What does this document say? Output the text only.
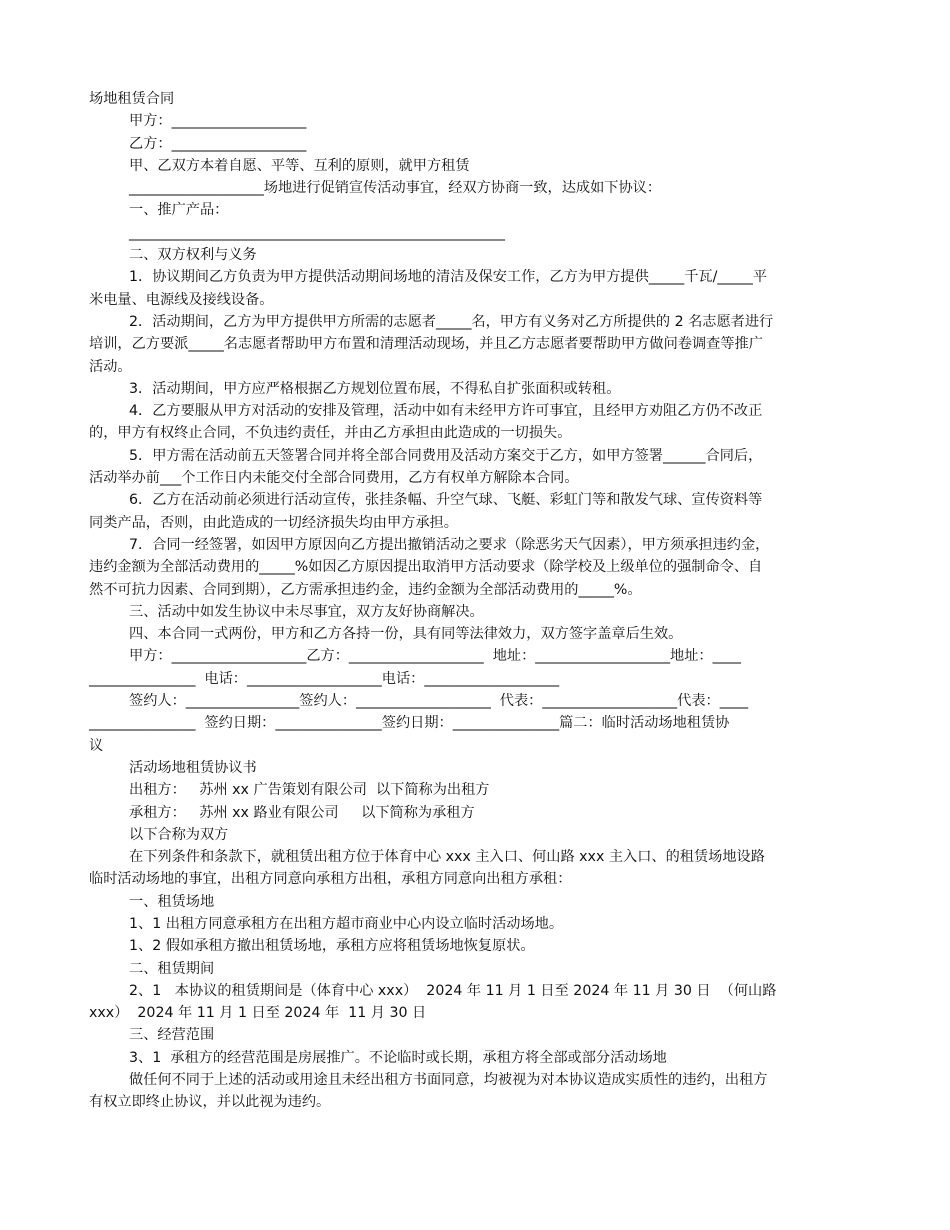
场地租赁合同
甲方：___________________
乙方：___________________
甲、乙双方本着自愿、平等、互利的原则，就甲方租赁
___________________场地进行促销宣传活动事宜，经双方协商一致，达成如下协议：
一、推广产品：
_____________________________________________________
二、双方权利与义务
1．协议期间乙方负责为甲方提供活动期间场地的清洁及保安工作，乙方为甲方提供_____千瓦/_____平
米电量、电源线及接线设备。
2．活动期间，乙方为甲方提供甲方所需的志愿者_____名，甲方有义务对乙方所提供的 2 名志愿者进行
培训，乙方要派_____名志愿者帮助甲方布置和清理活动现场，并且乙方志愿者要帮助甲方做问卷调查等推广
活动。
3．活动期间，甲方应严格根据乙方规划位置布展，不得私自扩张面积或转租。
4．乙方要服从甲方对活动的安排及管理，活动中如有未经甲方许可事宜，且经甲方劝阻乙方仍不改正
的，甲方有权终止合同，不负违约责任，并由乙方承担由此造成的一切损失。
5．甲方需在活动前五天签署合同并将全部合同费用及活动方案交于乙方，如甲方签署______合同后，
活动举办前___个工作日内未能交付全部合同费用，乙方有权单方解除本合同。
6．乙方在活动前必须进行活动宣传，张挂条幅、升空气球、飞艇、彩虹门等和散发气球、宣传资料等
同类产品，否则，由此造成的一切经济损失均由甲方承担。
7．合同一经签署，如因甲方原因向乙方提出撤销活动之要求（除恶劣天气因素），甲方须承担违约金，
违约金额为全部活动费用的_____%如因乙方原因提出取消甲方活动要求（除学校及上级单位的强制命令、自
然不可抗力因素、合同到期），乙方需承担违约金，违约金额为全部活动费用的_____%。
三、活动中如发生协议中未尽事宜，双方友好协商解决。
四、本合同一式两份，甲方和乙方各持一份，具有同等法律效力，双方签字盖章后生效。
甲方：___________________乙方：___________________  地址：___________________地址：____
_______________  电话：___________________电话：___________________
签约人：________________签约人：___________________  代表：___________________代表：____
_______________  签约日期：_______________签约日期：_______________篇二：临时活动场地租赁协
议
活动场地租赁协议书
出租方：   苏州 xx 广告策划有限公司  以下简称为出租方
承租方：   苏州 xx 路业有限公司     以下简称为承租方
以下合称为双方
在下列条件和条款下，就租赁出租方位于体育中心 xxx 主入口、何山路 xxx 主入口、的租赁场地设路
临时活动场地的事宜，出租方同意向承租方出租，承租方同意向出租方承租：
一、租赁场地
1、1 出租方同意承租方在出租方超市商业中心内设立临时活动场地。
1、2 假如承租方撤出租赁场地，承租方应将租赁场地恢复原状。
二、租赁期间
2、1   本协议的租赁期间是（体育中心 xxx）  2024 年 11 月 1 日至 2024 年 11 月 30 日  （何山路
xxx）  2024 年 11 月 1 日至 2024 年  11 月 30 日
三、经营范围
3、1  承租方的经营范围是房展推广。不论临时或长期，承租方将全部或部分活动场地
做任何不同于上述的活动或用途且未经出租方书面同意，均被视为对本协议造成实质性的违约，出租方
有权立即终止协议，并以此视为违约。
